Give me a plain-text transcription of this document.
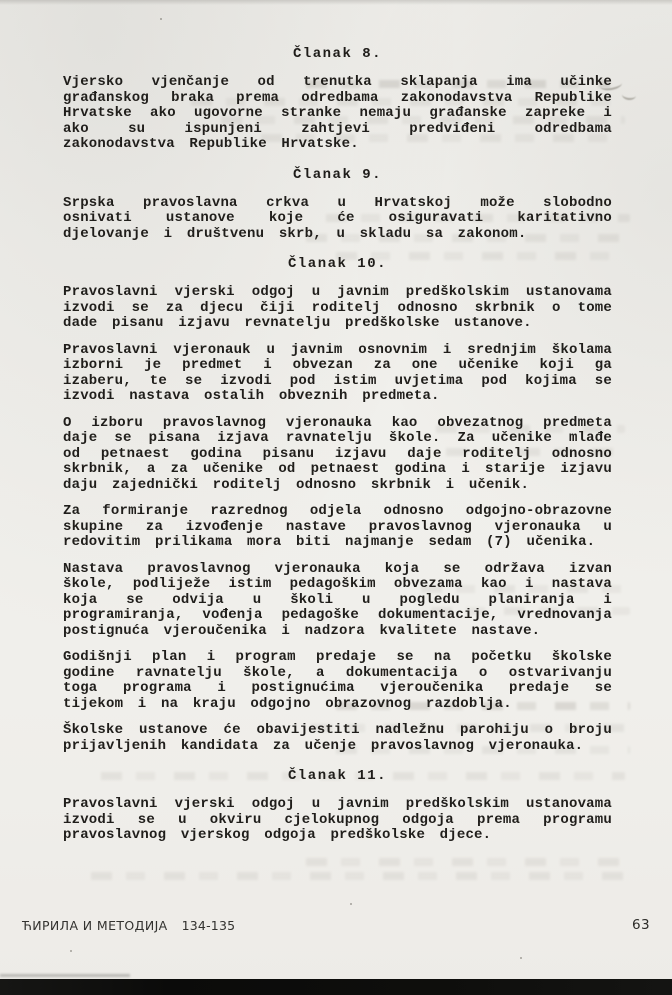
Članak 8.

Vjersko vjenčanje od trenutka sklapanja ima učinke građanskog braka prema odredbama zakonodavstva Republike Hrvatske ako ugovorne stranke nemaju građanske zapreke i ako su ispunjeni zahtjevi predviđeni odredbama zakonodavstva Republike Hrvatske.

Članak 9.

Srpska pravoslavna crkva u Hrvatskoj može slobodno osnivati ustanove koje će osiguravati karitativno djelovanje i društvenu skrb, u skladu sa zakonom.

Članak 10.

Pravoslavni vjerski odgoj u javnim predškolskim ustanovama izvodi se za djecu čiji roditelj odnosno skrbnik o tome dade pisanu izjavu revnatelju predškolske ustanove.

Pravoslavni vjeronauk u javnim osnovnim i srednjim školama izborni je predmet i obvezan za one učenike koji ga izaberu, te se izvodi pod istim uvjetima pod kojima se izvodi nastava ostalih obveznih predmeta.

O izboru pravoslavnog vjeronauka kao obvezatnog predmeta daje se pisana izjava ravnatelju škole. Za učenike mlađe od petnaest godina pisanu izjavu daje roditelj odnosno skrbnik, a za učenike od petnaest godina i starije izjavu daju zajednički roditelj odnosno skrbnik i učenik.

Za formiranje razrednog odjela odnosno odgojno-obrazovne skupine za izvođenje nastave pravoslavnog vjeronauka u redovitim prilikama mora biti najmanje sedam (7) učenika.

Nastava pravoslavnog vjeronauka koja se održava izvan škole, podliježe istim pedagoškim obvezama kao i nastava koja se odvija u školi u pogledu planiranja i programiranja, vođenja pedagoške dokumentacije, vrednovanja postignuća vjeroučenika i nadzora kvalitete nastave.

Godišnji plan i program predaje se na početku školske godine ravnatelju škole, a dokumentacija o ostvarivanju toga programa i postignućima vjeroučenika predaje se tijekom i na kraju odgojno obrazovnog razdoblja.

Školske ustanove će obavijestiti nadležnu parohiju o broju prijavljenih kandidata za učenje pravoslavnog vjeronauka.

Članak 11.

Pravoslavni vjerski odgoj u javnim predškolskim ustanovama izvodi se u okviru cjelokupnog odgoja prema programu pravoslavnog vjerskog odgoja predškolske djece.

ЋИРИЛА И МЕТОДИЈА 134-135	63
